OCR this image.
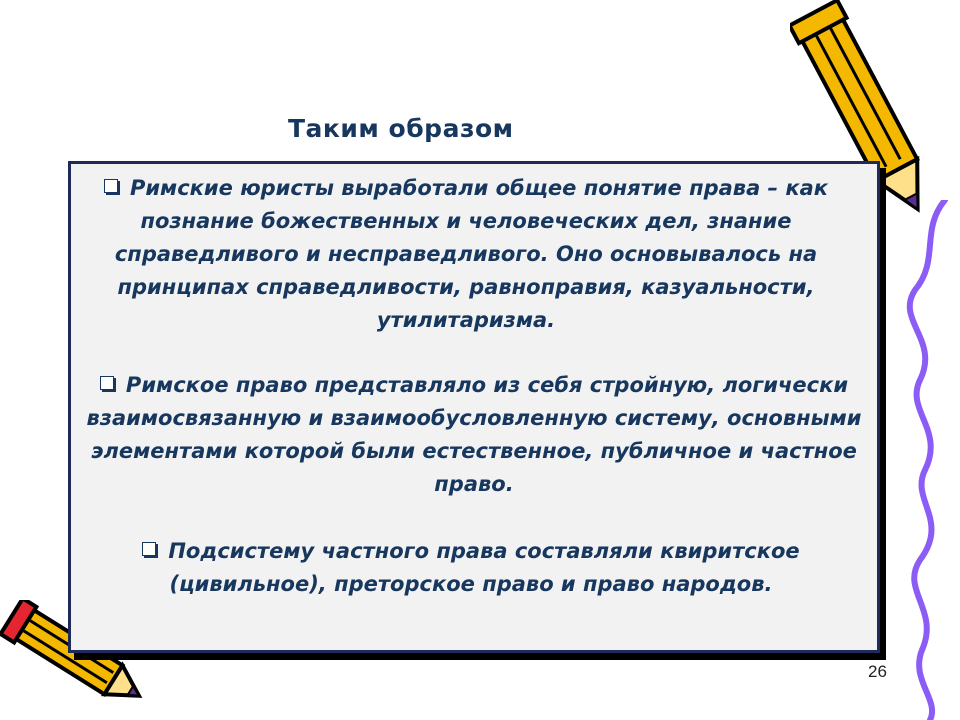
Таким образом

Римские юристы выработали общее понятие права – как познание божественных и человеческих дел, знание справедливого и несправедливого. Оно основывалось на принципах справедливости, равноправия, казуальности, утилитаризма.

Римское право представляло из себя стройную, логически взаимосвязанную и взаимообусловленную систему, основными элементами которой были естественное, публичное и частное право.

Подсистему частного права составляли квиритское (цивильное), преторское право и право народов.

26
